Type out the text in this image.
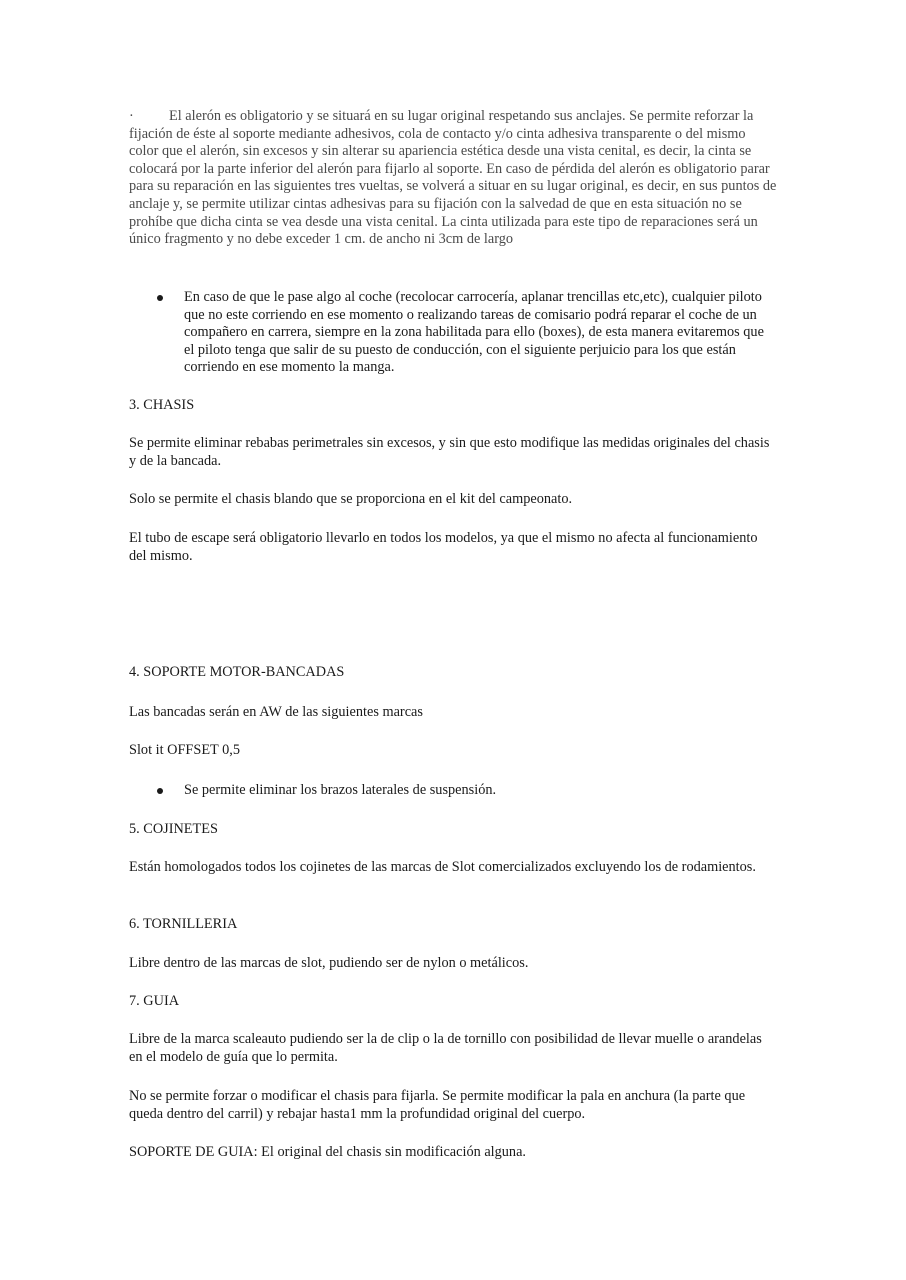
· El alerón es obligatorio y se situará en su lugar original respetando sus anclajes. Se permite reforzar la fijación de éste al soporte mediante adhesivos, cola de contacto y/o cinta adhesiva transparente o del mismo color que el alerón, sin excesos y sin alterar su apariencia estética desde una vista cenital, es decir, la cinta se colocará por la parte inferior del alerón para fijarlo al soporte. En caso de pérdida del alerón es obligatorio parar para su reparación en las siguientes tres vueltas, se volverá a situar en su lugar original, es decir, en sus puntos de anclaje y, se permite utilizar cintas adhesivas para su fijación con la salvedad de que en esta situación no se prohíbe que dicha cinta se vea desde una vista cenital. La cinta utilizada para este tipo de reparaciones será un único fragmento y no debe exceder 1 cm. de ancho ni 3cm de largo

En caso de que le pase algo al coche (recolocar carrocería, aplanar trencillas etc,etc), cualquier piloto que no este corriendo en ese momento o realizando tareas de comisario podrá reparar el coche de un compañero en carrera, siempre en la zona habilitada para ello (boxes), de esta manera evitaremos que el piloto tenga que salir de su puesto de conducción, con el siguiente perjuicio para los que están corriendo en ese momento la manga.

3. CHASIS

Se permite eliminar rebabas perimetrales sin excesos, y sin que esto modifique las medidas originales del chasis y de la bancada.

Solo se permite el chasis blando que se proporciona en el kit del campeonato.

El tubo de escape será obligatorio llevarlo en todos los modelos, ya que el mismo no afecta al funcionamiento del mismo.

4. SOPORTE MOTOR-BANCADAS

Las bancadas serán en AW de las siguientes marcas

Slot it OFFSET 0,5

Se permite eliminar los brazos laterales de suspensión.

5. COJINETES

Están homologados todos los cojinetes de las marcas de Slot comercializados excluyendo los de rodamientos.

6. TORNILLERIA

Libre dentro de las marcas de slot, pudiendo ser de nylon o metálicos.

7. GUIA

Libre de la marca scaleauto pudiendo ser la de clip o la de tornillo con posibilidad de llevar muelle o arandelas en el modelo de guía que lo permita.

No se permite forzar o modificar el chasis para fijarla. Se permite modificar la pala en anchura (la parte que queda dentro del carril) y rebajar hasta1 mm la profundidad original del cuerpo.

SOPORTE DE GUIA: El original del chasis sin modificación alguna.
